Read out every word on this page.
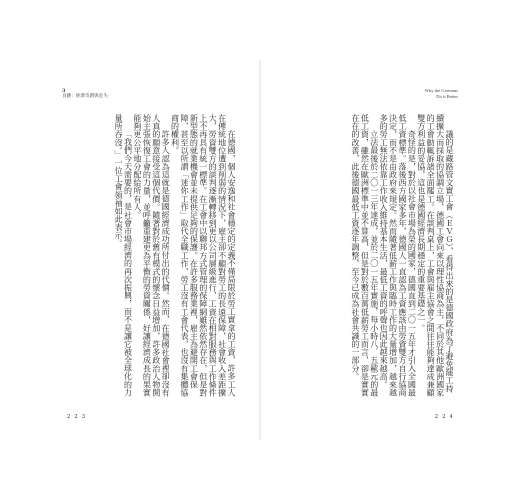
3
良鏈：經濟奇蹟與危失

在德國，個人安逸和社會穩定的定義不僅局限於勞工實拿的工資，許多工人在傳統地位遭到削弱的情況下，雇主卻不顧對勞工的長遠保障，社會收入差距擴大，勞資雙方的談判逐漸轉移到更以公司層級進行，工資在相對服務與工作條件上不再具有統一標準。在工會中以聯邦方式管理的保障網雖然依然存在，但是對新型態的就業機會並未提供足夠的保護。在許多服務業裡，雇主為避開工會保障，甚至以所謂「迷你工作」取代全職工作，勞工沒有工會代表，也沒有集體協商的權利。

許多人認為這就是德國經濟成功所付出的代價。然而，在德國社會裡卻沒有人真的願意接受這個代價。隨著對於舊有模式的懷念日益增加，許多政治人物開始主張恢復工會的力量，並呼籲重建更為平衡的勞資關係，好讓經濟成長的果實能夠更公平地分配給所有人。

「我們今天需要的，是社會市場經濟的再次振興，而不是讓它被全球化的力量所吞沒。」一位工會領袖如此表示。

2 2 3
Why the Germans
Do it Better

議的是藏路管文實工會（ＥＶＧ），看得出來的是德國政府為了避免罷工持續擴大而採取的協調立場，德國工會向來以理性協商為主，不同於其他歐洲國家的工會動輒訴諸全面罷工。在談判桌上，工會與雇主協會之間往往能夠達成兼顧雙方利益的妥協，這也是德國經濟長期穩定的重要基礎之一。

奇怪的是，對於以社會市場為榮的國家，德國直到二〇一五年才引入全國最低工資標準。落後西方國家多年，德國人一直認為工資應該由勞資雙方自行協商決定，而不是由政府來規定。然而隨著低薪工作與臨時工作的大量增加，越來越多的勞工無法依靠工作收入維持基本生活，最低工資的呼聲也因此越來越高。

立法最後於二〇一三年達成，並於二〇一五年實施，每小時八．五歐元的最低工資，雖然在歐洲標準中並不算高，但是對於數百萬低薪勞工而言，卻是實實在在的改善，此後德國最低工資逐年調整，至今已成為社會共識的一部分。

2 2 4
